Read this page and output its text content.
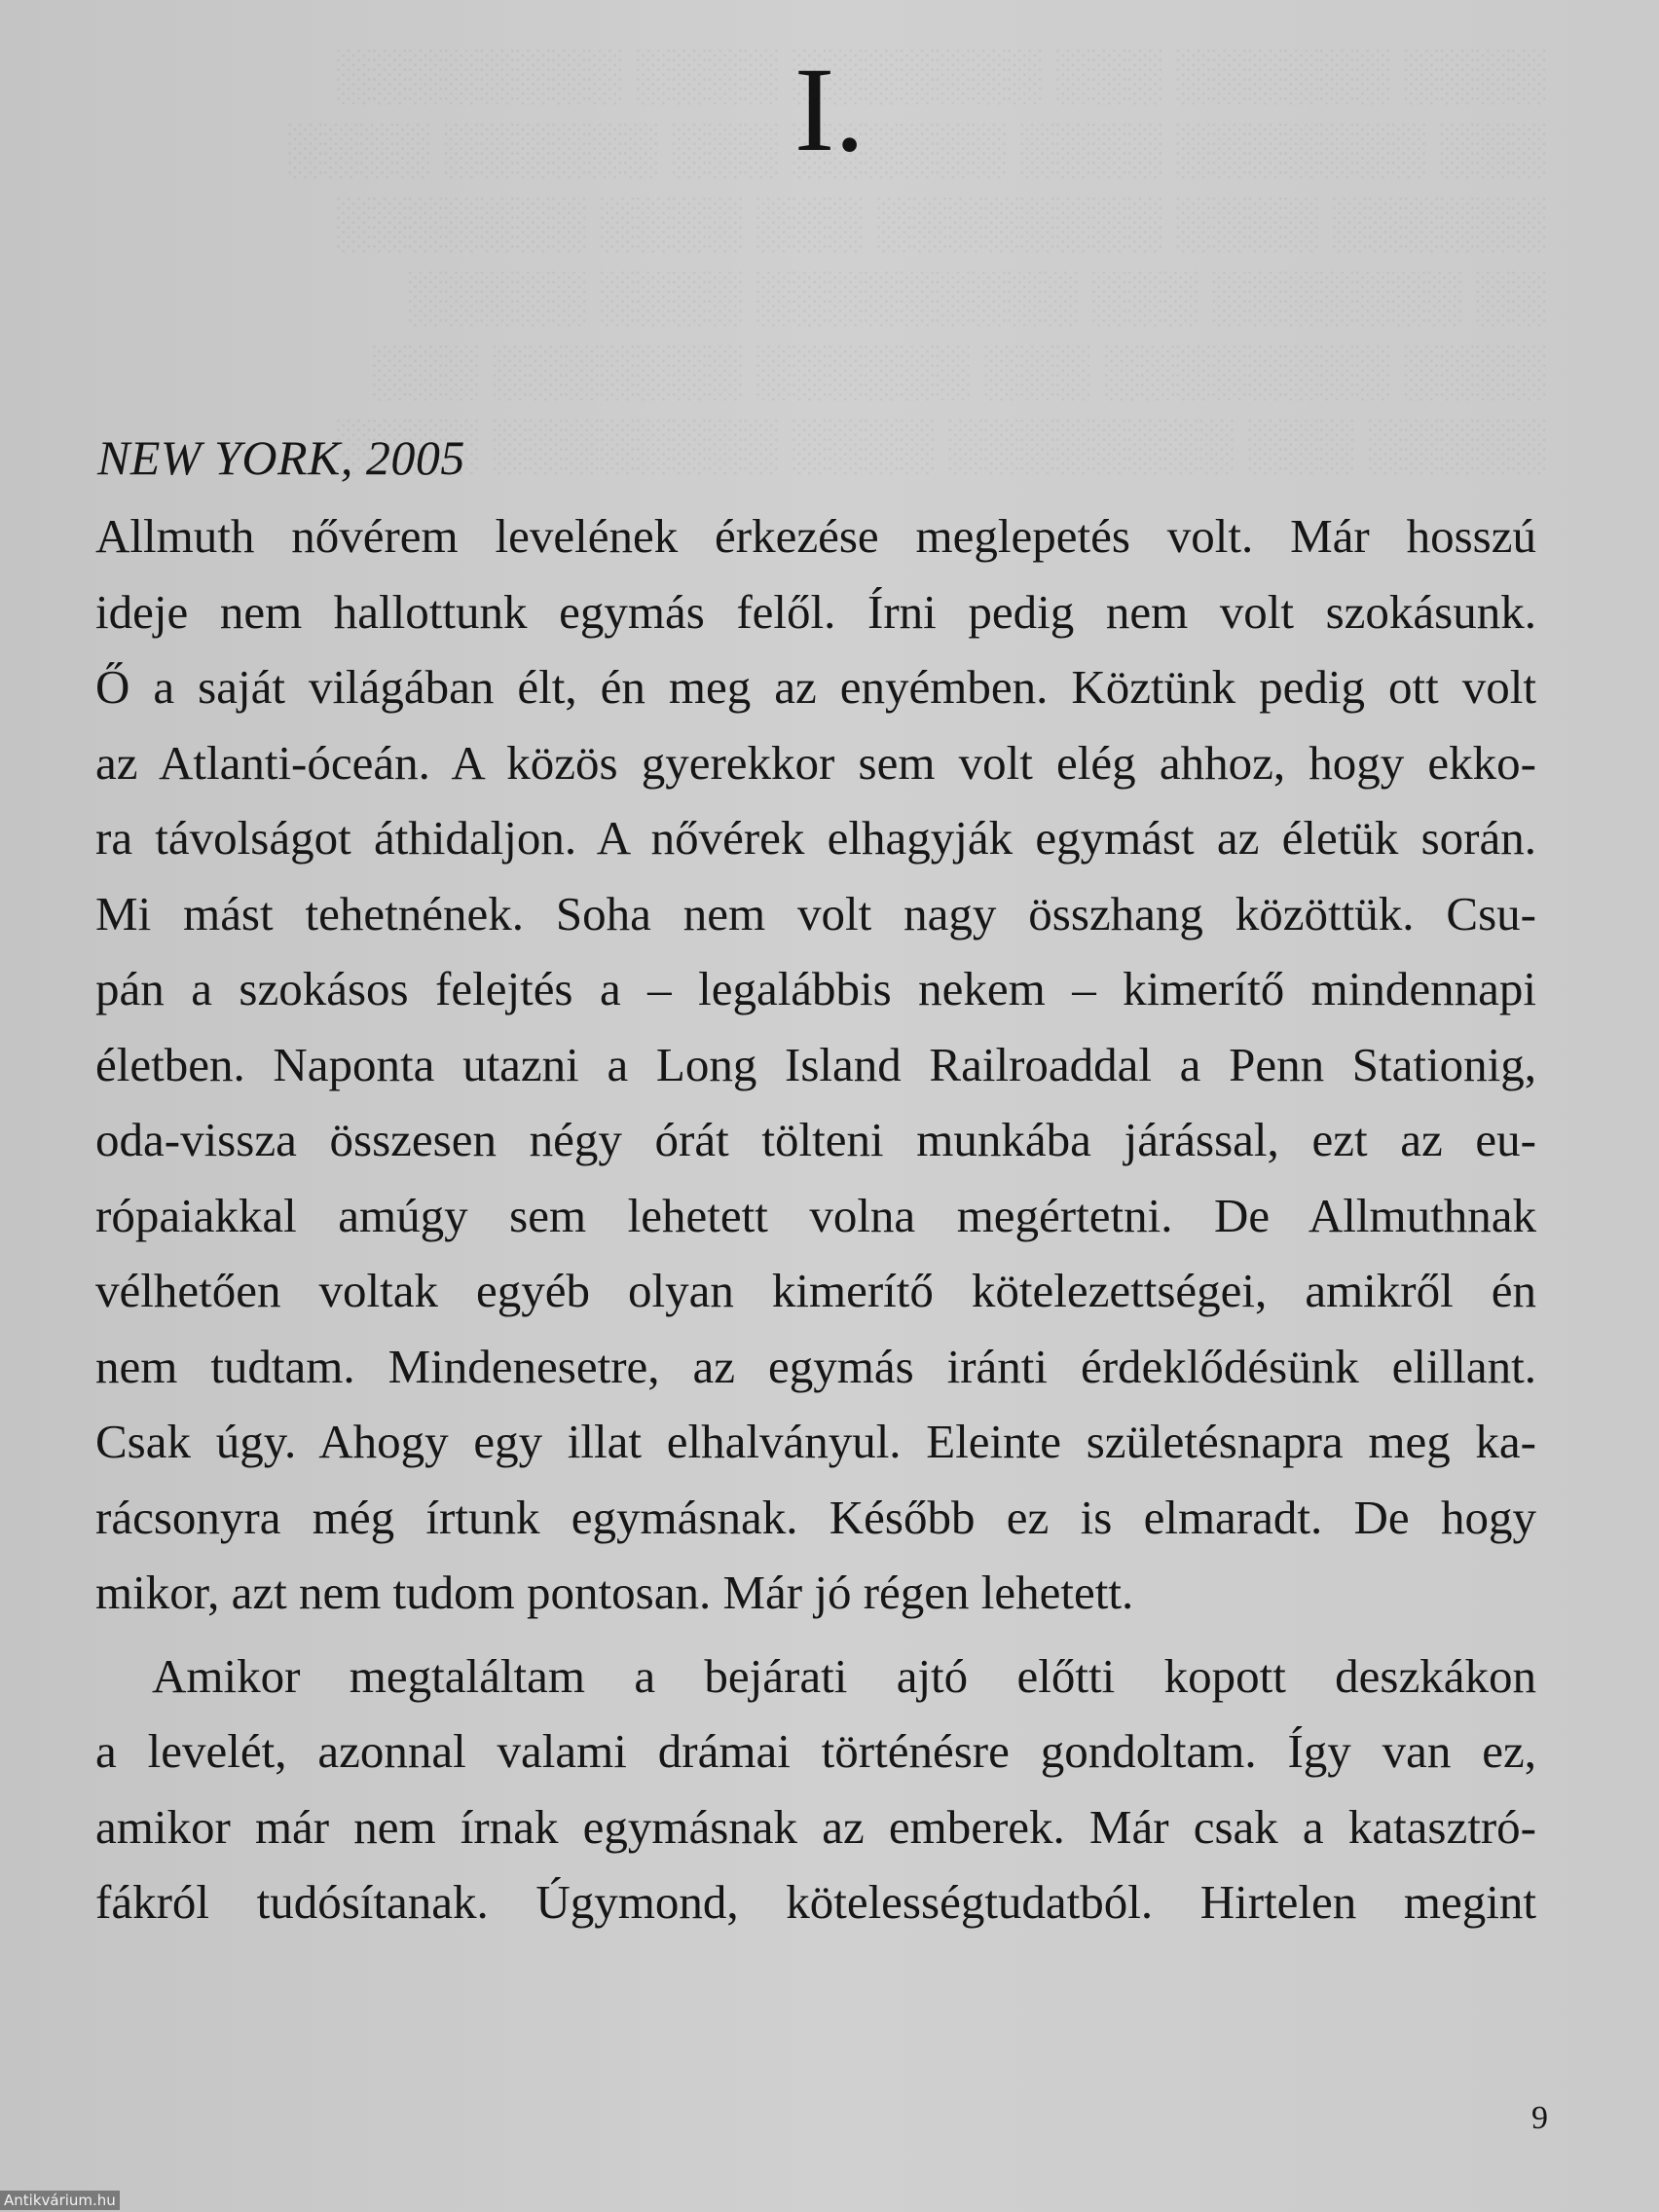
I.
NEW YORK, 2005
Allmuth nővérem levelének érkezése meglepetés volt. Már hosszú
ideje nem hallottunk egymás felől. Írni pedig nem volt szokásunk.
Ő a saját világában élt, én meg az enyémben. Köztünk pedig ott volt
az Atlanti-óceán. A közös gyerekkor sem volt elég ahhoz, hogy ekko-
ra távolságot áthidaljon. A nővérek elhagyják egymást az életük során.
Mi mást tehetnének. Soha nem volt nagy összhang közöttük. Csu-
pán a szokásos felejtés a – legalábbis nekem – kimerítő mindennapi
életben. Naponta utazni a Long Island Railroaddal a Penn Stationig,
oda-vissza összesen négy órát tölteni munkába járással, ezt az eu-
rópaiakkal amúgy sem lehetett volna megértetni. De Allmuthnak
vélhetően voltak egyéb olyan kimerítő kötelezettségei, amikről én
nem tudtam. Mindenesetre, az egymás iránti érdeklődésünk elillant.
Csak úgy. Ahogy egy illat elhalványul. Eleinte születésnapra meg ka-
rácsonyra még írtunk egymásnak. Később ez is elmaradt. De hogy
mikor, azt nem tudom pontosan. Már jó régen lehetett.
Amikor megtaláltam a bejárati ajtó előtti kopott deszkákon
a levelét, azonnal valami drámai történésre gondoltam. Így van ez,
amikor már nem írnak egymásnak az emberek. Már csak a katasztró-
fákról tudósítanak. Úgymond, kötelességtudatból. Hirtelen megint

9

Antikvárium.hu
